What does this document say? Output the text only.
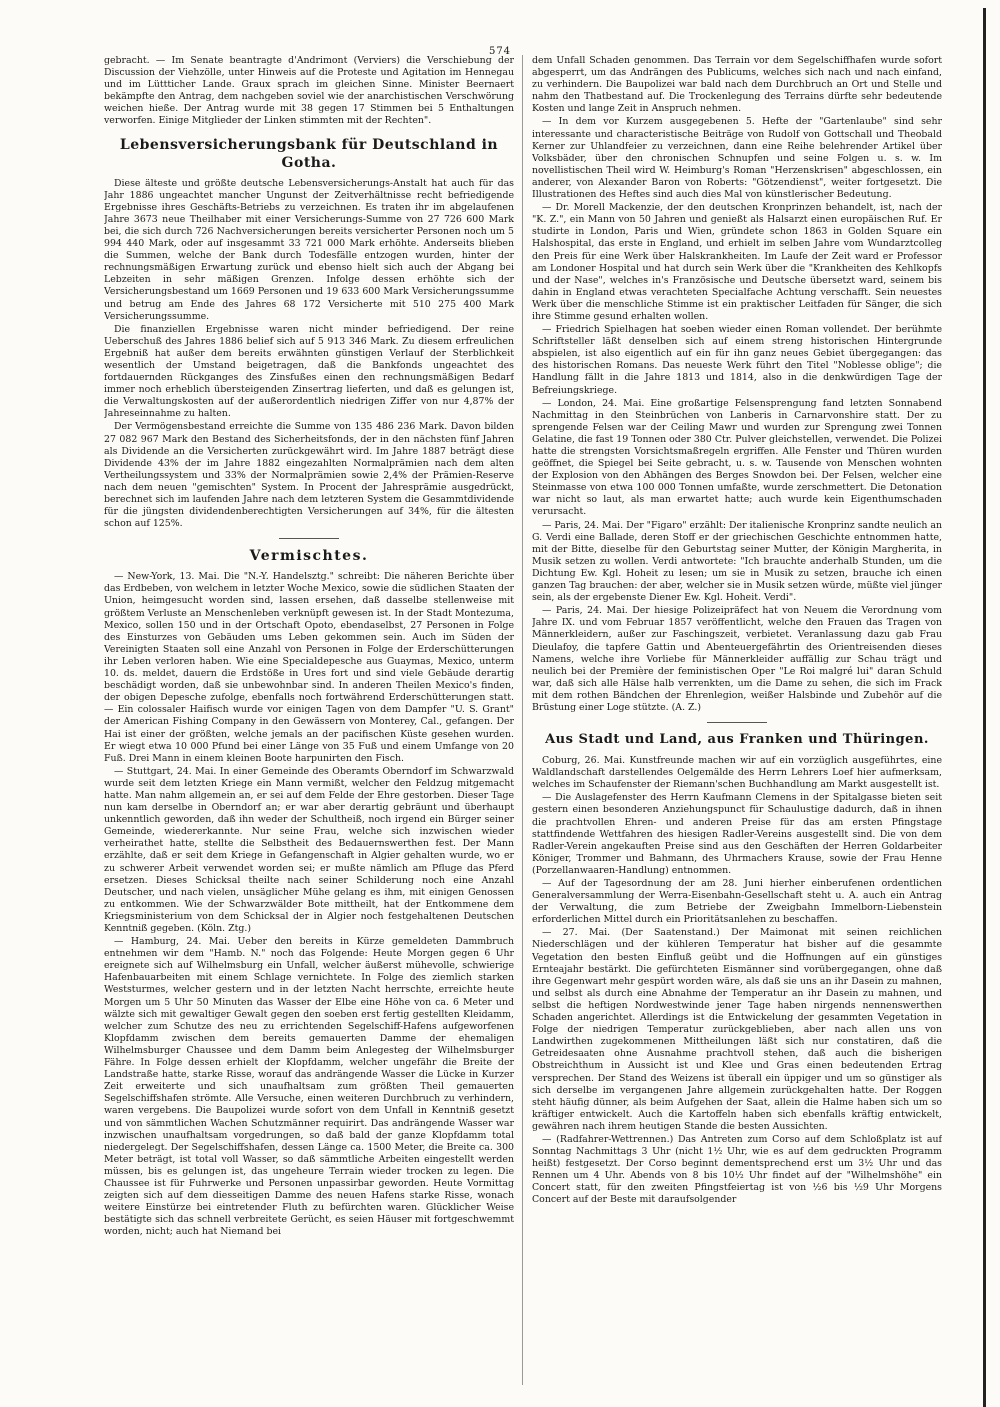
574

gebracht. — Im Senate beantragte d'Andrimont (Verviers) die Verschiebung der Discussion der Viehzölle, unter Hinweis auf die Proteste und Agitation im Hennegau und im Lüttticher Lande. Graux sprach im gleichen Sinne. Minister Beernaert bekämpfte den Antrag, dem nachgeben soviel wie der anarchistischen Verschwörung weichen hieße. Der Antrag wurde mit 38 gegen 17 Stimmen bei 5 Enthaltungen verworfen. Einige Mitglieder der Linken stimmten mit der Rechten".

Lebensversicherungsbank für Deutschland in Gotha.

Diese älteste und größte deutsche Lebensversicherungs-Anstalt hat auch für das Jahr 1886 ungeachtet mancher Ungunst der Zeitverhältnisse recht befriedigende Ergebnisse ihres Geschäfts-Betriebs zu verzeichnen. Es traten ihr im abgelaufenen Jahre 3673 neue Theilhaber mit einer Versicherungs-Summe von 27 726 600 Mark bei, die sich durch 726 Nachversicherungen bereits versicherter Personen noch um 5 994 440 Mark, oder auf insgesammt 33 721 000 Mark erhöhte. Anderseits blieben die Summen, welche der Bank durch Todesfälle entzogen wurden, hinter der rechnungsmäßigen Erwartung zurück und ebenso hielt sich auch der Abgang bei Lebzeiten in sehr mäßigen Grenzen. Infolge dessen erhöhte sich der Versicherungsbestand um 1669 Personen und 19 633 600 Mark Versicherungssumme und betrug am Ende des Jahres 68 172 Versicherte mit 510 275 400 Mark Versicherungssumme.

Die finanziellen Ergebnisse waren nicht minder befriedigend. Der reine Ueberschuß des Jahres 1886 belief sich auf 5 913 346 Mark. Zu diesem erfreulichen Ergebniß hat außer dem bereits erwähnten günstigen Verlauf der Sterblichkeit wesentlich der Umstand beigetragen, daß die Bankfonds ungeachtet des fortdauernden Rückganges des Zinsfußes einen den rechnungsmäßigen Bedarf immer noch erheblich übersteigenden Zinsertrag lieferten, und daß es gelungen ist, die Verwaltungskosten auf der außerordentlich niedrigen Ziffer von nur 4,87% der Jahreseinnahme zu halten.

Der Vermögensbestand erreichte die Summe von 135 486 236 Mark. Davon bilden 27 082 967 Mark den Bestand des Sicherheitsfonds, der in den nächsten fünf Jahren als Dividende an die Versicherten zurückgewährt wird. Im Jahre 1887 beträgt diese Dividende 43% der im Jahre 1882 eingezahlten Normalprämien nach dem alten Vertheilungssystem und 33% der Normalprämien sowie 2,4% der Prämien-Reserve nach dem neuen "gemischten" System. In Procent der Jahresprämie ausgedrückt, berechnet sich im laufenden Jahre nach dem letzteren System die Gesammtdividende für die jüngsten dividendenberechtigten Versicherungen auf 34%, für die ältesten schon auf 125%.

Vermischtes.

— New-York, 13. Mai. Die "N.-Y. Handelsztg." schreibt: Die näheren Berichte über das Erdbeben, von welchem in letzter Woche Mexico, sowie die südlichen Staaten der Union, heimgesucht worden sind, lassen ersehen, daß dasselbe stellenweise mit größtem Verluste an Menschenleben verknüpft gewesen ist. In der Stadt Montezuma, Mexico, sollen 150 und in der Ortschaft Opoto, ebendaselbst, 27 Personen in Folge des Einsturzes von Gebäuden ums Leben gekommen sein. Auch im Süden der Vereinigten Staaten soll eine Anzahl von Personen in Folge der Erderschütterungen ihr Leben verloren haben. Wie eine Specialdepesche aus Guaymas, Mexico, unterm 10. ds. meldet, dauern die Erdstöße in Ures fort und sind viele Gebäude derartig beschädigt worden, daß sie unbewohnbar sind. In anderen Theilen Mexico's finden, der obigen Depesche zufolge, ebenfalls noch fortwährend Erderschütterungen statt. — Ein colossaler Haifisch wurde vor einigen Tagen von dem Dampfer "U. S. Grant" der American Fishing Company in den Gewässern von Monterey, Cal., gefangen. Der Hai ist einer der größten, welche jemals an der pacifischen Küste gesehen wurden. Er wiegt etwa 10 000 Pfund bei einer Länge von 35 Fuß und einem Umfange von 20 Fuß. Drei Mann in einem kleinen Boote harpunirten den Fisch.

— Stuttgart, 24. Mai. In einer Gemeinde des Oberamts Oberndorf im Schwarzwald wurde seit dem letzten Kriege ein Mann vermißt, welcher den Feldzug mitgemacht hatte. Man nahm allgemein an, er sei auf dem Felde der Ehre gestorben. Dieser Tage nun kam derselbe in Oberndorf an; er war aber derartig gebräunt und überhaupt unkenntlich geworden, daß ihn weder der Schultheiß, noch irgend ein Bürger seiner Gemeinde, wiedererkannte. Nur seine Frau, welche sich inzwischen wieder verheirathet hatte, stellte die Selbstheit des Bedauernswerthen fest. Der Mann erzählte, daß er seit dem Kriege in Gefangenschaft in Algier gehalten wurde, wo er zu schwerer Arbeit verwendet worden sei; er mußte nämlich am Pfluge das Pferd ersetzen. Dieses Schicksal theilte nach seiner Schilderung noch eine Anzahl Deutscher, und nach vielen, unsäglicher Mühe gelang es ihm, mit einigen Genossen zu entkommen. Wie der Schwarzwälder Bote mittheilt, hat der Entkommene dem Kriegsministerium von dem Schicksal der in Algier noch festgehaltenen Deutschen Kenntniß gegeben. (Köln. Ztg.)

— Hamburg, 24. Mai. Ueber den bereits in Kürze gemeldeten Dammbruch entnehmen wir dem "Hamb. N." noch das Folgende: Heute Morgen gegen 6 Uhr ereignete sich auf Wilhelmsburg ein Unfall, welcher äußerst mühevolle, schwierige Hafenbauarbeiten mit einem Schlage vernichtete. In Folge des ziemlich starken Weststurmes, welcher gestern und in der letzten Nacht herrschte, erreichte heute Morgen um 5 Uhr 50 Minuten das Wasser der Elbe eine Höhe von ca. 6 Meter und wälzte sich mit gewaltiger Gewalt gegen den soeben erst fertig gestellten Kleidamm, welcher zum Schutze des neu zu errichtenden Segelschiff-Hafens aufgeworfenen Klopfdamm zwischen dem bereits gemauerten Damme der ehemaligen Wilhelmsburger Chaussee und dem Damm beim Anlegesteg der Wilhelmsburger Fähre. In Folge dessen erhielt der Klopfdamm, welcher ungefähr die Breite der Landstraße hatte, starke Risse, worauf das andrängende Wasser die Lücke in Kurzer Zeit erweiterte und sich unaufhaltsam zum größten Theil gemauerten Segelschiffshafen strömte. Alle Versuche, einen weiteren Durchbruch zu verhindern, waren vergebens. Die Baupolizei wurde sofort von dem Unfall in Kenntniß gesetzt und von sämmtlichen Wachen Schutzmänner requirirt. Das andrängende Wasser war inzwischen unaufhaltsam vorgedrungen, so daß bald der ganze Klopfdamm total niedergelegt. Der Segelschiffshafen, dessen Länge ca. 1500 Meter, die Breite ca. 300 Meter beträgt, ist total voll Wasser, so daß sämmtliche Arbeiten eingestellt werden müssen, bis es gelungen ist, das ungeheure Terrain wieder trocken zu legen. Die Chaussee ist für Fuhrwerke und Personen unpassirbar geworden. Heute Vormittag zeigten sich auf dem diesseitigen Damme des neuen Hafens starke Risse, wonach weitere Einstürze bei eintretender Fluth zu befürchten waren. Glücklicher Weise bestätigte sich das schnell verbreitete Gerücht, es seien Häuser mit fortgeschwemmt worden, nicht; auch hat Niemand bei

dem Unfall Schaden genommen. Das Terrain vor dem Segelschiffhafen wurde sofort abgesperrt, um das Andrängen des Publicums, welches sich nach und nach einfand, zu verhindern. Die Baupolizei war bald nach dem Durchbruch an Ort und Stelle und nahm den Thatbestand auf. Die Trockenlegung des Terrains dürfte sehr bedeutende Kosten und lange Zeit in Anspruch nehmen.

— In dem vor Kurzem ausgegebenen 5. Hefte der "Gartenlaube" sind sehr interessante und characteristische Beiträge von Rudolf von Gottschall und Theobald Kerner zur Uhlandfeier zu verzeichnen, dann eine Reihe belehrender Artikel über Volksbäder, über den chronischen Schnupfen und seine Folgen u. s. w. Im novellistischen Theil wird W. Heimburg's Roman "Herzenskrisen" abgeschlossen, ein anderer, von Alexander Baron von Roberts: "Götzendienst", weiter fortgesetzt. Die Illustrationen des Heftes sind auch dies Mal von künstlerischer Bedeutung.

— Dr. Morell Mackenzie, der den deutschen Kronprinzen behandelt, ist, nach der "K. Z.", ein Mann von 50 Jahren und genießt als Halsarzt einen europäischen Ruf. Er studirte in London, Paris und Wien, gründete schon 1863 in Golden Square ein Halshospital, das erste in England, und erhielt im selben Jahre vom Wundarztcolleg den Preis für eine Werk über Halskrankheiten. Im Laufe der Zeit ward er Professor am Londoner Hospital und hat durch sein Werk über die "Krankheiten des Kehlkopfs und der Nase", welches in's Französische und Deutsche übersetzt ward, seinem bis dahin in England etwas verachteten Specialfache Achtung verschafft. Sein neuestes Werk über die menschliche Stimme ist ein praktischer Leitfaden für Sänger, die sich ihre Stimme gesund erhalten wollen.

— Friedrich Spielhagen hat soeben wieder einen Roman vollendet. Der berühmte Schriftsteller läßt denselben sich auf einem streng historischen Hintergrunde abspielen, ist also eigentlich auf ein für ihn ganz neues Gebiet übergegangen: das des historischen Romans. Das neueste Werk führt den Titel "Noblesse oblige"; die Handlung fällt in die Jahre 1813 und 1814, also in die denkwürdigen Tage der Befreiungskriege.

— London, 24. Mai. Eine großartige Felsensprengung fand letzten Sonnabend Nachmittag in den Steinbrüchen von Lanberis in Carnarvonshire statt. Der zu sprengende Felsen war der Ceiling Mawr und wurden zur Sprengung zwei Tonnen Gelatine, die fast 19 Tonnen oder 380 Ctr. Pulver gleichstellen, verwendet. Die Polizei hatte die strengsten Vorsichtsmaßregeln ergriffen. Alle Fenster und Thüren wurden geöffnet, die Spiegel bei Seite gebracht, u. s. w. Tausende von Menschen wohnten der Explosion von den Abhängen des Berges Snowdon bei. Der Felsen, welcher eine Steinmasse von etwa 100 000 Tonnen umfaßte, wurde zerschmettert. Die Detonation war nicht so laut, als man erwartet hatte; auch wurde kein Eigenthumschaden verursacht.

— Paris, 24. Mai. Der "Figaro" erzählt: Der italienische Kronprinz sandte neulich an G. Verdi eine Ballade, deren Stoff er der griechischen Geschichte entnommen hatte, mit der Bitte, dieselbe für den Geburtstag seiner Mutter, der Königin Margherita, in Musik setzen zu wollen. Verdi antwortete: "Ich brauchte anderhalb Stunden, um die Dichtung Ew. Kgl. Hoheit zu lesen; um sie in Musik zu setzen, brauche ich einen ganzen Tag brauchen: der aber, welcher sie in Musik setzen würde, müßte viel jünger sein, als der ergebenste Diener Ew. Kgl. Hoheit. Verdi".

— Paris, 24. Mai. Der hiesige Polizeipräfect hat von Neuem die Verordnung vom Jahre IX. und vom Februar 1857 veröffentlicht, welche den Frauen das Tragen von Männerkleidern, außer zur Faschingszeit, verbietet. Veranlassung dazu gab Frau Dieulafoy, die tapfere Gattin und Abenteuergefährtin des Orientreisenden dieses Namens, welche ihre Vorliebe für Männerkleider auffällig zur Schau trägt und neulich bei der Première der feministischen Oper "Le Roi malgré lui" daran Schuld war, daß sich alle Hälse halb verrenkten, um die Dame zu sehen, die sich im Frack mit dem rothen Bändchen der Ehrenlegion, weißer Halsbinde und Zubehör auf die Brüstung einer Loge stützte. (A. Z.)

Aus Stadt und Land, aus Franken und Thüringen.

Coburg, 26. Mai. Kunstfreunde machen wir auf ein vorzüglich ausgeführtes, eine Waldlandschaft darstellendes Oelgemälde des Herrn Lehrers Loef hier aufmerksam, welches im Schaufenster der Riemann'schen Buchhandlung am Markt ausgestellt ist.

— Die Auslagefenster des Herrn Kaufmann Clemens in der Spitalgasse bieten seit gestern einen besonderen Anziehungspunct für Schaulustige dadurch, daß in ihnen die prachtvollen Ehren- und anderen Preise für das am ersten Pfingstage stattfindende Wettfahren des hiesigen Radler-Vereins ausgestellt sind. Die von dem Radler-Verein angekauften Preise sind aus den Geschäften der Herren Goldarbeiter Königer, Trommer und Bahmann, des Uhrmachers Krause, sowie der Frau Henne (Porzellanwaaren-Handlung) entnommen.

— Auf der Tagesordnung der am 28. Juni hierher einberufenen ordentlichen Generalversammlung der Werra-Eisenbahn-Gesellschaft steht u. A. auch ein Antrag der Verwaltung, die zum Betriebe der Zweigbahn Immelborn-Liebenstein erforderlichen Mittel durch ein Prioritätsanlehen zu beschaffen.

— 27. Mai. (Der Saatenstand.) Der Maimonat mit seinen reichlichen Niederschlägen und der kühleren Temperatur hat bisher auf die gesammte Vegetation den besten Einfluß geübt und die Hoffnungen auf ein günstiges Ernteajahr bestärkt. Die gefürchteten Eismänner sind vorübergegangen, ohne daß ihre Gegenwart mehr gespürt worden wäre, als daß sie uns an ihr Dasein zu mahnen, und selbst als durch eine Abnahme der Temperatur an ihr Dasein zu mahnen, und selbst die heftigen Nordwestwinde jener Tage haben nirgends nennenswerthen Schaden angerichtet. Allerdings ist die Entwickelung der gesammten Vegetation in Folge der niedrigen Temperatur zurückgeblieben, aber nach allen uns von Landwirthen zugekommenen Mittheilungen läßt sich nur constatiren, daß die Getreidesaaten ohne Ausnahme prachtvoll stehen, daß auch die bisherigen Obstreichthum in Aussicht ist und Klee und Gras einen bedeutenden Ertrag versprechen. Der Stand des Weizens ist überall ein üppiger und um so günstiger als sich derselbe im vergangenen Jahre allgemein zurückgehalten hatte. Der Roggen steht häufig dünner, als beim Aufgehen der Saat, allein die Halme haben sich um so kräftiger entwickelt. Auch die Kartoffeln haben sich ebenfalls kräftig entwickelt, gewähren nach ihrem heutigen Stande die besten Aussichten.

— (Radfahrer-Wettrennen.) Das Antreten zum Corso auf dem Schloßplatz ist auf Sonntag Nachmittags 3 Uhr (nicht 1½ Uhr, wie es auf dem gedruckten Programm heißt) festgesetzt. Der Corso beginnt dementsprechend erst um 3½ Uhr und das Rennen um 4 Uhr. Abends von 8 bis 10½ Uhr findet auf der "Wilhelmshöhe" ein Concert statt, für den zweiten Pfingstfeiertag ist von ½6 bis ½9 Uhr Morgens Concert auf der Beste mit daraufsolgender
